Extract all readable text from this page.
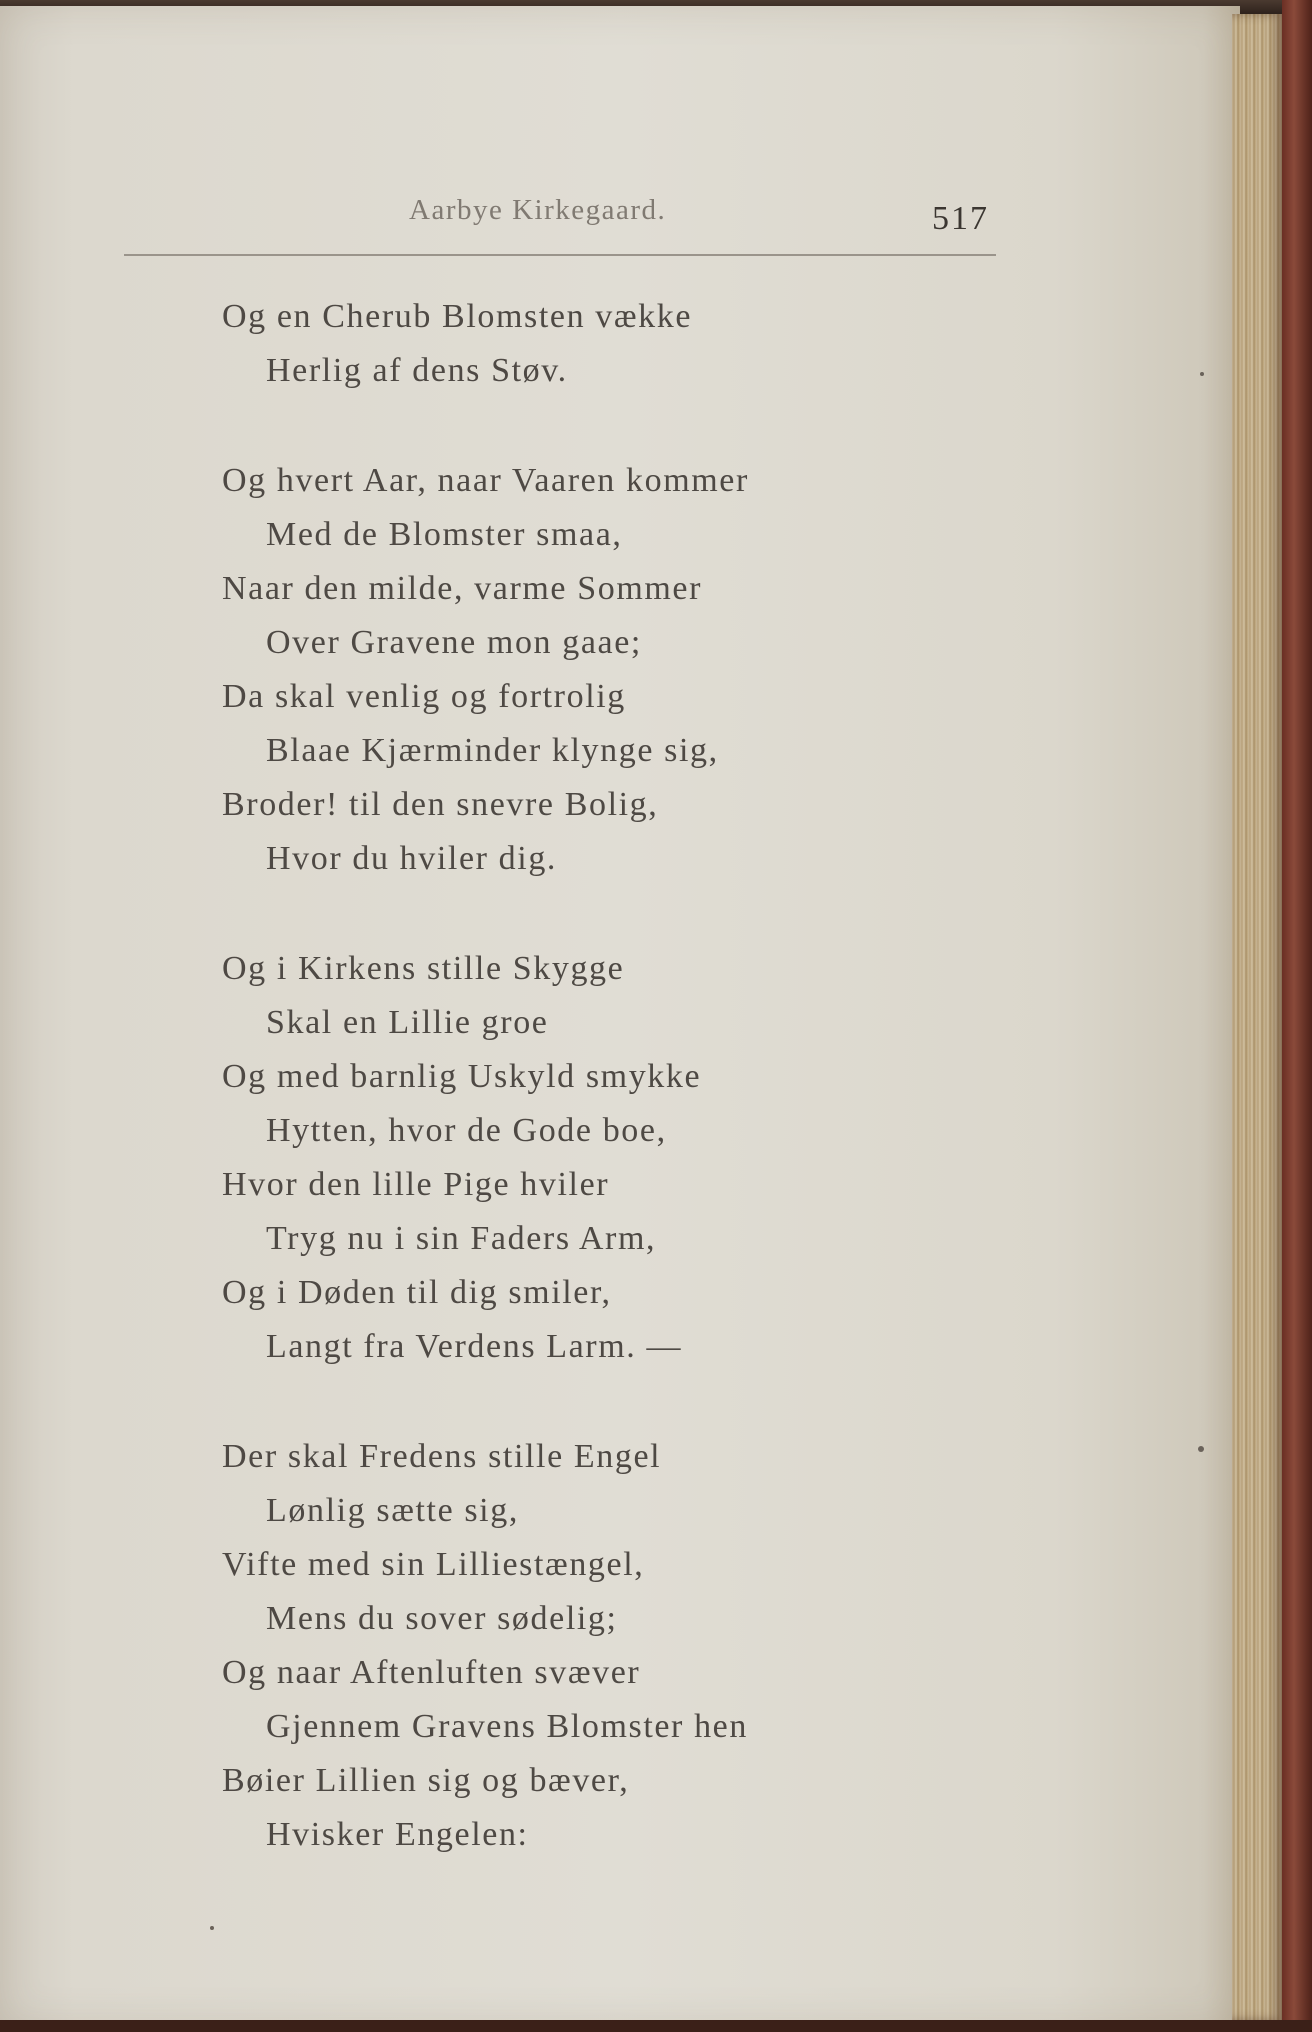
Aarbye Kirkegaard.	517
Og en Cherub Blomsten vække
Herlig af dens Støv.
Og hvert Aar, naar Vaaren kommer
Med de Blomster smaa,
Naar den milde, varme Sommer
Over Gravene mon gaae;
Da skal venlig og fortrolig
Blaae Kjærminder klynge sig,
Broder! til den snevre Bolig,
Hvor du hviler dig.
Og i Kirkens stille Skygge
Skal en Lillie groe
Og med barnlig Uskyld smykke
Hytten, hvor de Gode boe,
Hvor den lille Pige hviler
Tryg nu i sin Faders Arm,
Og i Døden til dig smiler,
Langt fra Verdens Larm. —
Der skal Fredens stille Engel
Lønlig sætte sig,
Vifte med sin Lilliestængel,
Mens du sover sødelig;
Og naar Aftenluften svæver
Gjennem Gravens Blomster hen
Bøier Lillien sig og bæver,
Hvisker Engelen:
